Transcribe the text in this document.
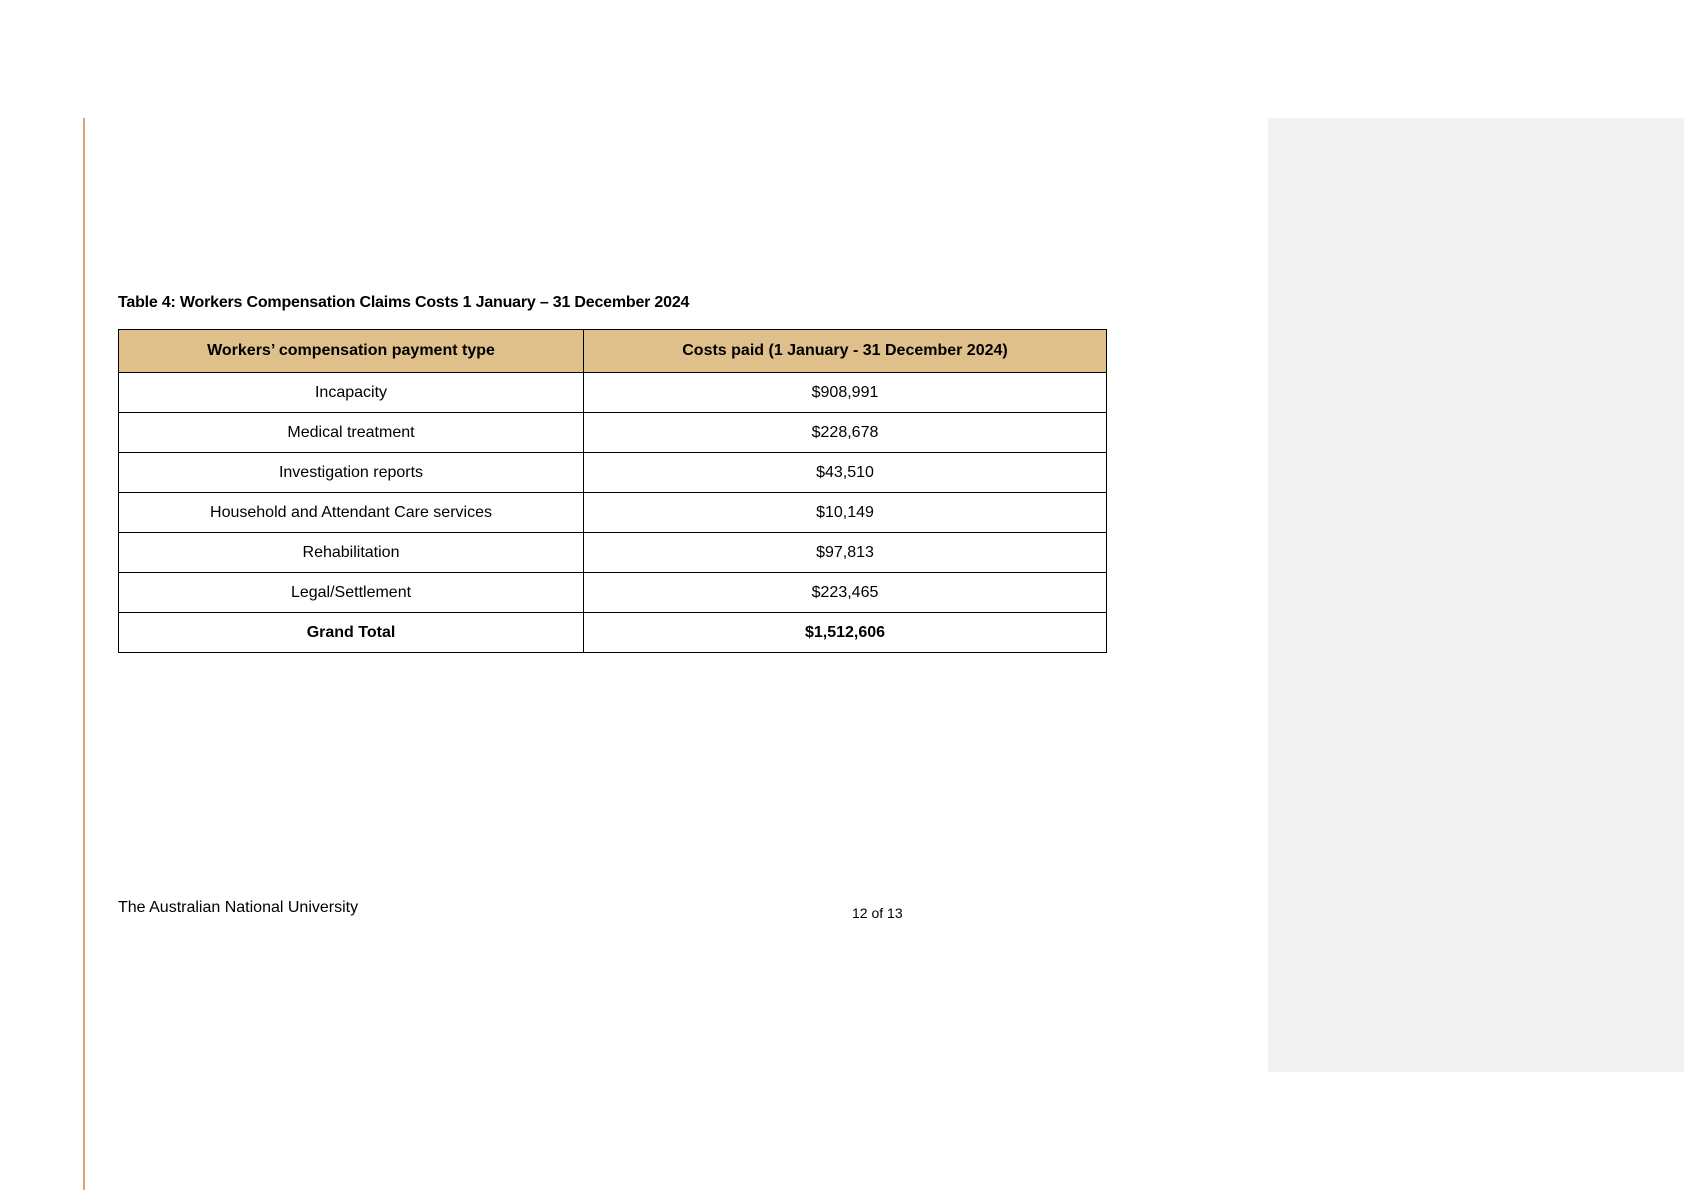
Table 4: Workers Compensation Claims Costs 1 January – 31 December 2024
Workers’ compensation payment type	Costs paid (1 January - 31 December 2024)
Incapacity	$908,991
Medical treatment	$228,678
Investigation reports	$43,510
Household and Attendant Care services	$10,149
Rehabilitation	$97,813
Legal/Settlement	$223,465
Grand Total	$1,512,606
The Australian National University	12 of 13
